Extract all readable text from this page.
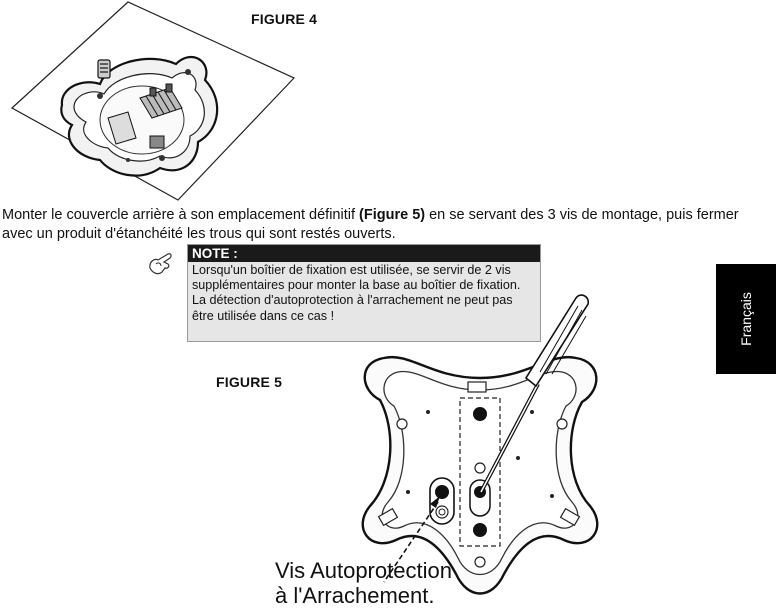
FIGURE 4
Monter le couvercle arrière à son emplacement définitif (Figure 5) en se servant des 3 vis de montage, puis fermer avec un produit d'étanchéité les trous qui sont restés ouverts.
NOTE :

Lorsqu'un boîtier de fixation est utilisée, se servir de 2 vis supplémentaires pour monter la base au boîtier de fixation.

La détection d'autoprotection à l'arrachement ne peut pas être utilisée dans ce cas !	Français
FIGURE 5
Vis Autoprotection
à l'Arrachement.
